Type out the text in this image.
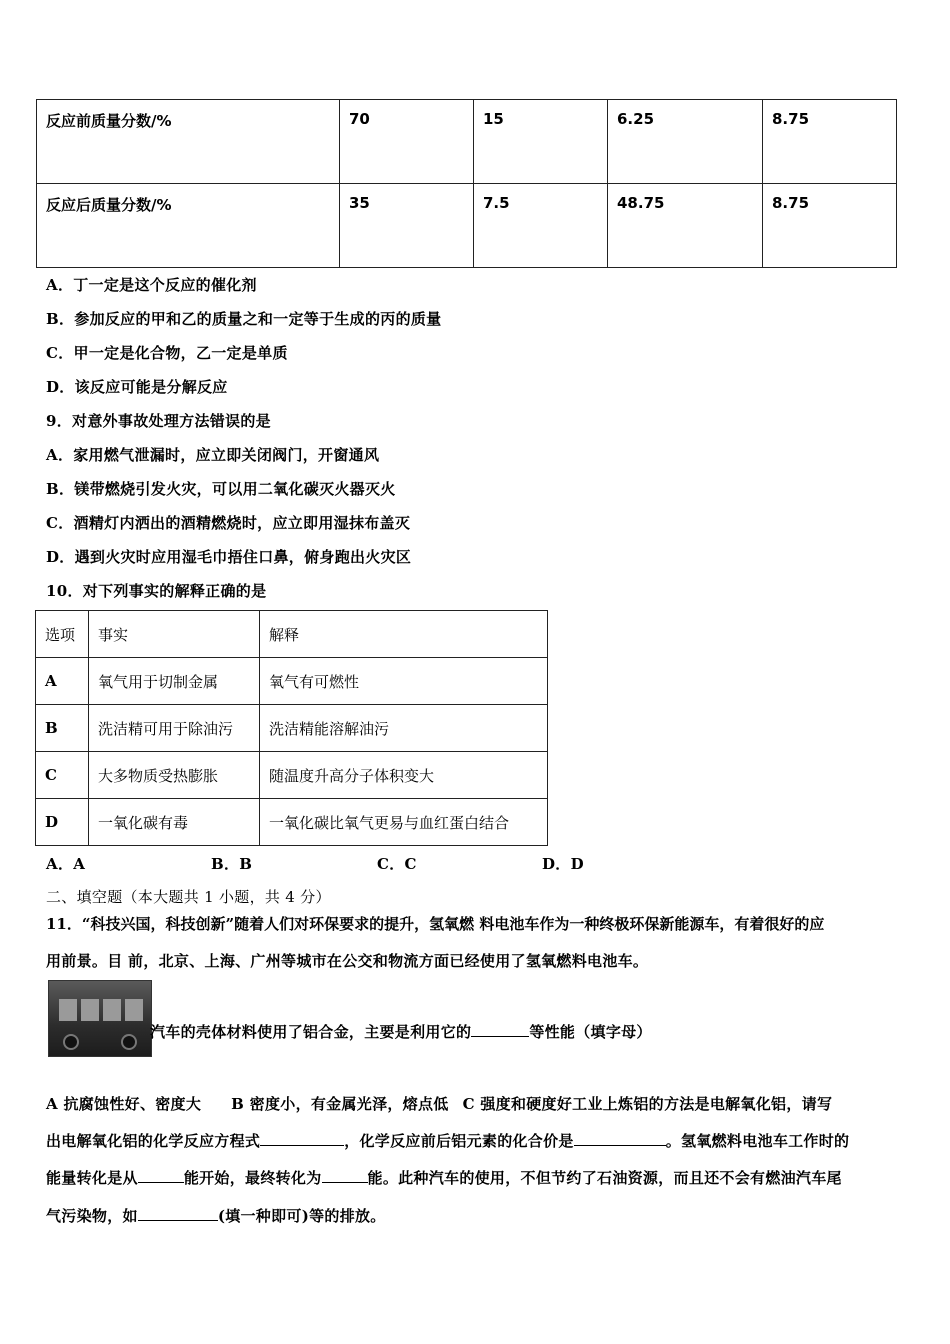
反应前质量分数/%	70	15	6.25	8.75
反应后质量分数/%	35	7.5	48.75	8.75
A．丁一定是这个反应的催化剂
B．参加反应的甲和乙的质量之和一定等于生成的丙的质量
C．甲一定是化合物，乙一定是单质
D．该反应可能是分解反应
9．对意外事故处理方法错误的是
A．家用燃气泄漏时，应立即关闭阀门，开窗通风
B．镁带燃烧引发火灾，可以用二氧化碳灭火器灭火
C．酒精灯内洒出的酒精燃烧时，应立即用湿抹布盖灭
D．遇到火灾时应用湿毛巾捂住口鼻，俯身跑出火灾区
10．对下列事实的解释正确的是
选项	事实	解释
A	氧气用于切制金属	氧气有可燃性
B	洗洁精可用于除油污	洗洁精能溶解油污
C	大多物质受热膨胀	随温度升高分子体积变大
D	一氧化碳有毒	一氧化碳比氧气更易与血红蛋白结合
A．A	B．B	C．C	D．D
二、填空题（本大题共 1 小题，共 4 分）
11．“科技兴国，科技创新”随着人们对环保要求的提升，氢氧燃 料电池车作为一种终极环保新能源车，有着很好的应
用前景。目 前，北京、上海、广州等城市在公交和物流方面已经使用了氢氧燃料电池车。
汽车的壳体材料使用了铝合金，主要是利用它的	等性能（填字母）
A 抗腐蚀性好、密度大 B 密度小，有金属光泽，熔点低 C 强度和硬度好工业上炼铝的方法是电解氧化铝，请写
出电解氧化铝的化学反应方程式	，化学反应前后铝元素的化合价是	。氢氧燃料电池车工作时的
能量转化是从	能开始，最终转化为	能。此种汽车的使用，不但节约了石油资源，而且还不会有燃油汽车尾
气污染物，如	(填一种即可)等的排放。
